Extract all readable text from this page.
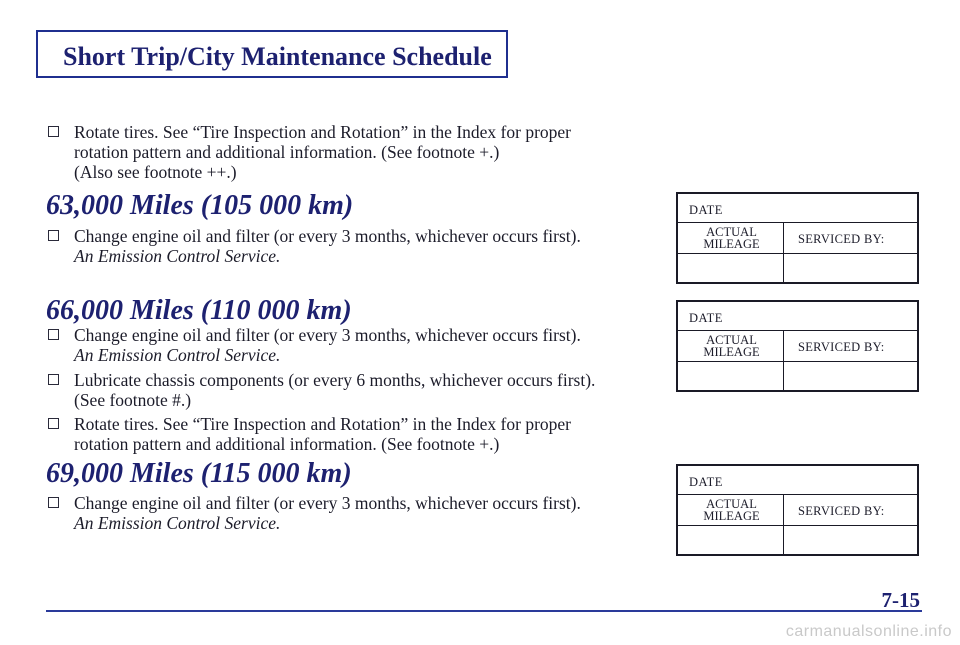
Short Trip/City Maintenance Schedule
Rotate tires. See “Tire Inspection and Rotation” in the Index for proper
rotation pattern and additional information. (See footnote +.)
(Also see footnote ++.)
63,000 Miles (105 000 km)
Change engine oil and filter (or every 3 months, whichever occurs first).
An Emission Control Service.
66,000 Miles (110 000 km)
Change engine oil and filter (or every 3 months, whichever occurs first).
An Emission Control Service.
Lubricate chassis components (or every 6 months, whichever occurs first).
(See footnote #.)
Rotate tires. See “Tire Inspection and Rotation” in the Index for proper
rotation pattern and additional information. (See footnote +.)
69,000 Miles (115 000 km)
Change engine oil and filter (or every 3 months, whichever occurs first).
An Emission Control Service.
DATE
ACTUAL
MILEAGE	SERVICED BY:
DATE
ACTUAL
MILEAGE	SERVICED BY:
DATE
ACTUAL
MILEAGE	SERVICED BY:
7-15
carmanualsonline.info
